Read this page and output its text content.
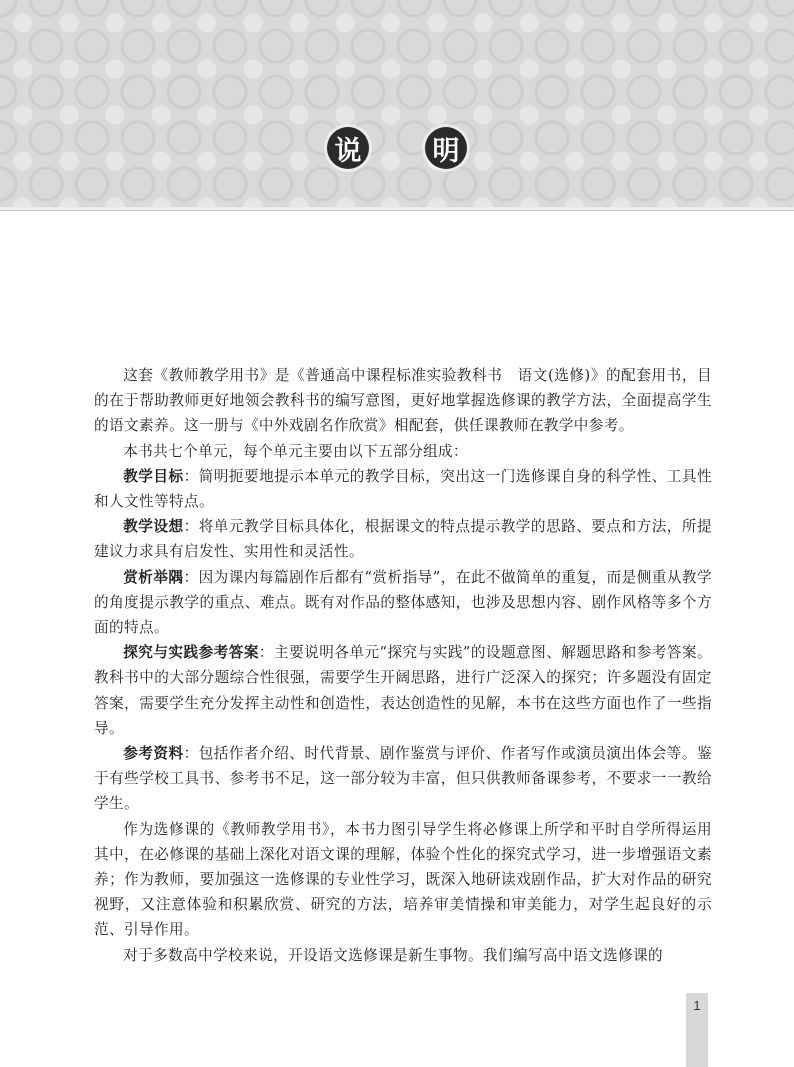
说	明

这套《教师教学用书》是《普通高中课程标准实验教科书　语文(选修)》的配套用书，目的在于帮助教师更好地领会教科书的编写意图，更好地掌握选修课的教学方法，全面提高学生的语文素养。这一册与《中外戏剧名作欣赏》相配套，供任课教师在教学中参考。

本书共七个单元，每个单元主要由以下五部分组成：

教学目标：简明扼要地提示本单元的教学目标，突出这一门选修课自身的科学性、工具性和人文性等特点。

教学设想：将单元教学目标具体化，根据课文的特点提示教学的思路、要点和方法，所提建议力求具有启发性、实用性和灵活性。

赏析举隅：因为课内每篇剧作后都有“赏析指导”，在此不做简单的重复，而是侧重从教学的角度提示教学的重点、难点。既有对作品的整体感知，也涉及思想内容、剧作风格等多个方面的特点。

探究与实践参考答案：主要说明各单元“探究与实践”的设题意图、解题思路和参考答案。教科书中的大部分题综合性很强，需要学生开阔思路，进行广泛深入的探究；许多题没有固定答案，需要学生充分发挥主动性和创造性，表达创造性的见解，本书在这些方面也作了一些指导。

参考资料：包括作者介绍、时代背景、剧作鉴赏与评价、作者写作或演员演出体会等。鉴于有些学校工具书、参考书不足，这一部分较为丰富，但只供教师备课参考，不要求一一教给学生。

作为选修课的《教师教学用书》，本书力图引导学生将必修课上所学和平时自学所得运用其中，在必修课的基础上深化对语文课的理解，体验个性化的探究式学习，进一步增强语文素养；作为教师，要加强这一选修课的专业性学习，既深入地研读戏剧作品，扩大对作品的研究视野，又注意体验和积累欣赏、研究的方法，培养审美情操和审美能力，对学生起良好的示范、引导作用。

对于多数高中学校来说，开设语文选修课是新生事物。我们编写高中语文选修课的

1
